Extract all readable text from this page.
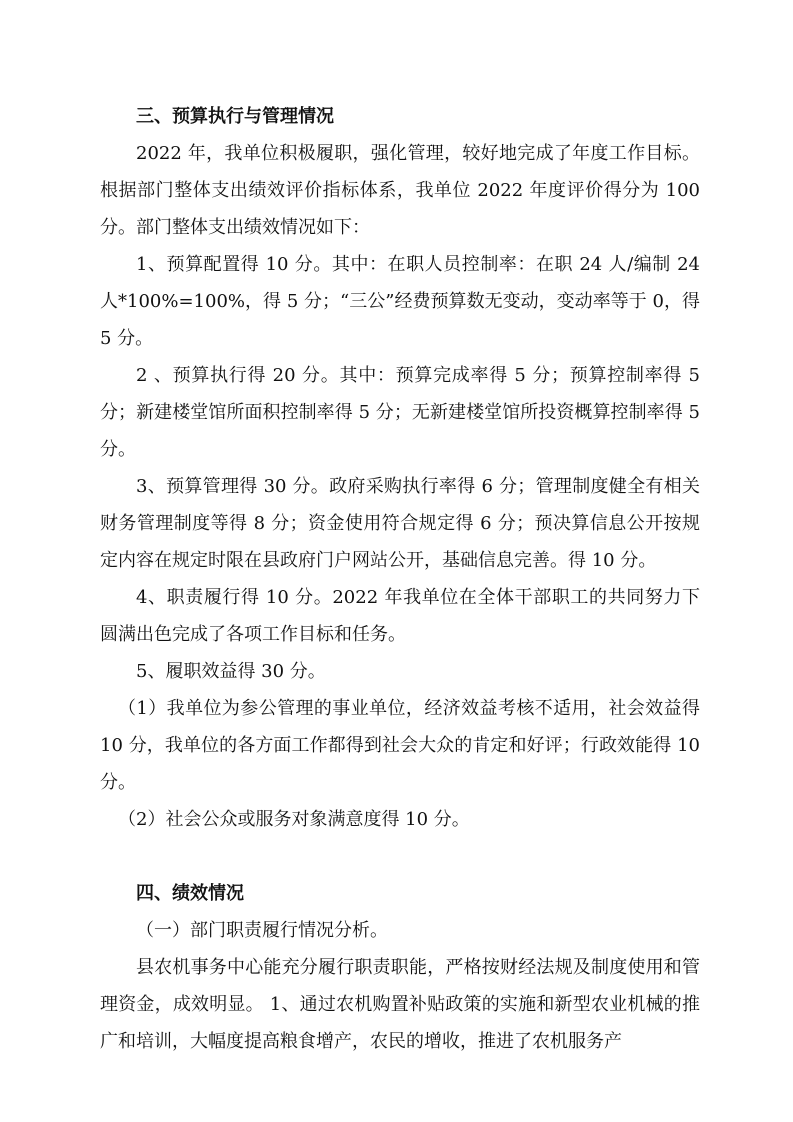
三、预算执行与管理情况

2022 年，我单位积极履职，强化管理，较好地完成了年度工作目标。根据部门整体支出绩效评价指标体系，我单位 2022 年度评价得分为 100 分。部门整体支出绩效情况如下：

1、预算配置得 10 分。其中：在职人员控制率：在职 24 人/编制 24 人*100%=100%，得 5 分；“三公”经费预算数无变动，变动率等于 0，得 5 分。

2 、预算执行得 20 分。其中：预算完成率得 5 分；预算控制率得 5 分；新建楼堂馆所面积控制率得 5 分；无新建楼堂馆所投资概算控制率得 5 分。

3、预算管理得 30 分。政府采购执行率得 6 分；管理制度健全有相关财务管理制度等得 8 分；资金使用符合规定得 6 分；预决算信息公开按规定内容在规定时限在县政府门户网站公开，基础信息完善。得 10 分。

4、职责履行得 10 分。2022 年我单位在全体干部职工的共同努力下圆满出色完成了各项工作目标和任务。

5、履职效益得 30 分。

（1）我单位为参公管理的事业单位，经济效益考核不适用，社会效益得 10 分，我单位的各方面工作都得到社会大众的肯定和好评；行政效能得 10 分。

（2）社会公众或服务对象满意度得 10 分。

四、绩效情况

（一）部门职责履行情况分析。

县农机事务中心能充分履行职责职能，严格按财经法规及制度使用和管理资金，成效明显。 1、通过农机购置补贴政策的实施和新型农业机械的推广和培训，大幅度提高粮食增产，农民的增收，推进了农机服务产
